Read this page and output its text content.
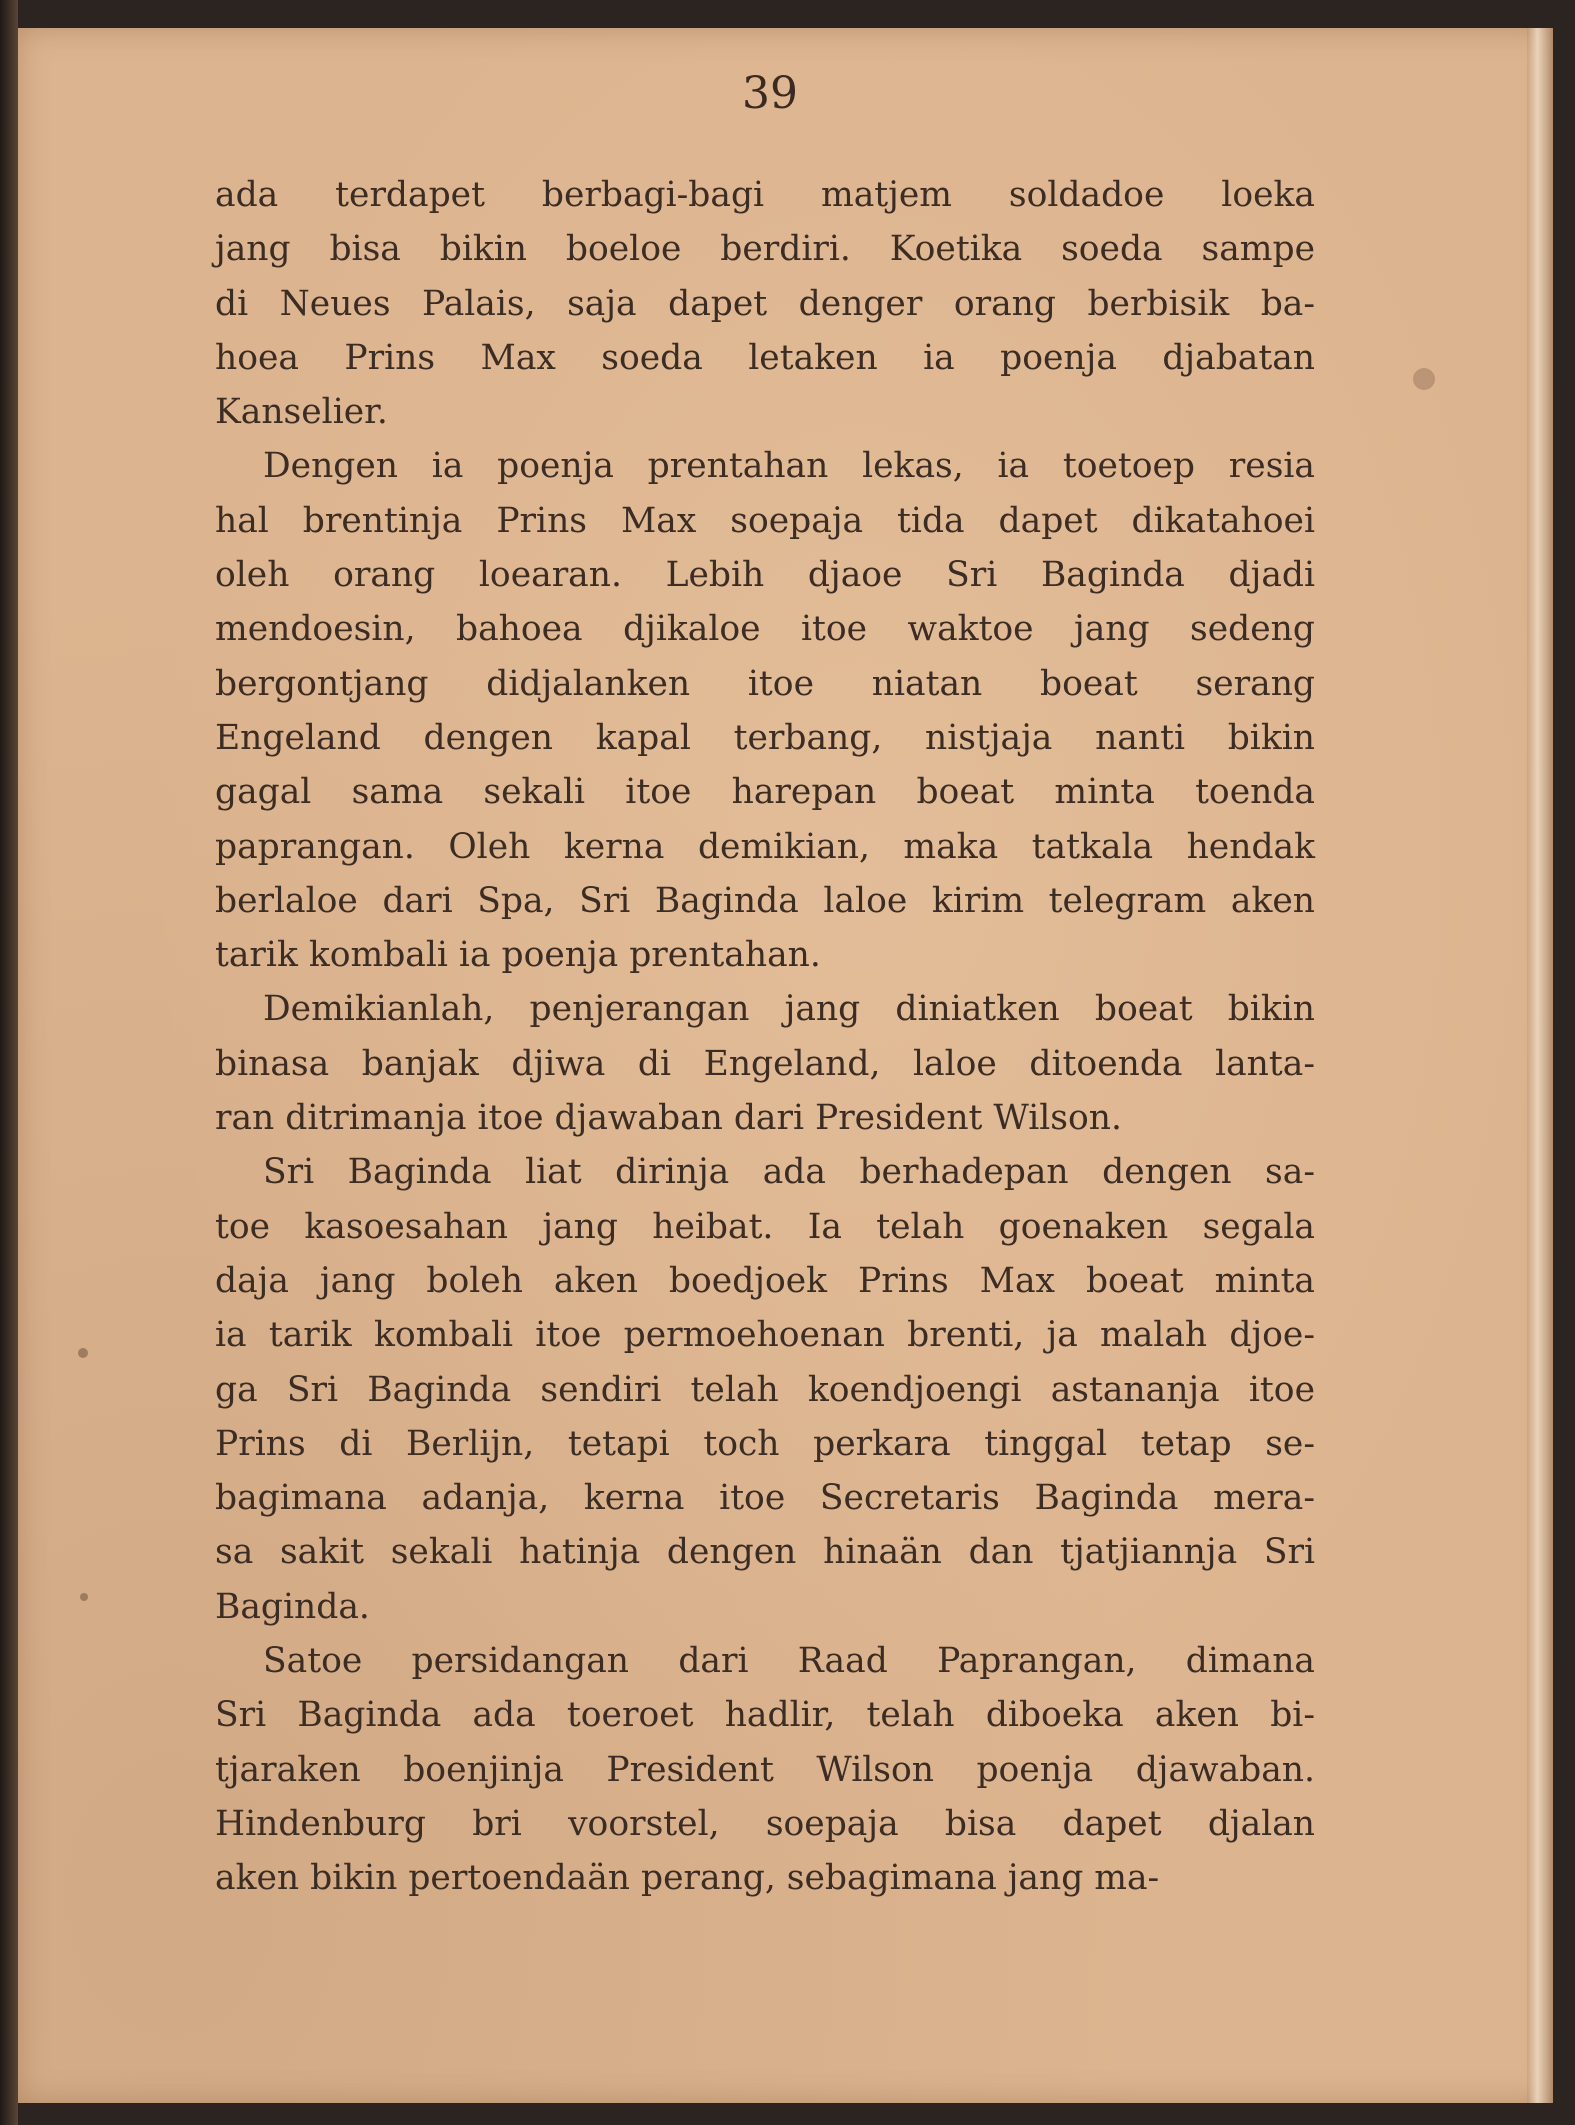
39

ada terdapet berbagi-bagi matjem soldadoe loeka
jang bisa bikin boeloe berdiri. Koetika soeda sampe
di Neues Palais, saja dapet denger orang berbisik ba-
hoea Prins Max soeda letaken ia poenja djabatan
Kanselier.

Dengen ia poenja prentahan lekas, ia toetoep resia
hal brentinja Prins Max soepaja tida dapet dikatahoei
oleh orang loearan. Lebih djaoe Sri Baginda djadi
mendoesin, bahoea djikaloe itoe waktoe jang sedeng
bergontjang didjalanken itoe niatan boeat serang
Engeland dengen kapal terbang, nistjaja nanti bikin
gagal sama sekali itoe harepan boeat minta toenda
paprangan. Oleh kerna demikian, maka tatkala hendak
berlaloe dari Spa, Sri Baginda laloe kirim telegram aken
tarik kombali ia poenja prentahan.

Demikianlah, penjerangan jang diniatken boeat bikin
binasa banjak djiwa di Engeland, laloe ditoenda lanta-
ran ditrimanja itoe djawaban dari President Wilson.

Sri Baginda liat dirinja ada berhadepan dengen sa-
toe kasoesahan jang heibat. Ia telah goenaken segala
daja jang boleh aken boedjoek Prins Max boeat minta
ia tarik kombali itoe permoehoenan brenti, ja malah djoe-
ga Sri Baginda sendiri telah koendjoengi astananja itoe
Prins di Berlijn, tetapi toch perkara tinggal tetap se-
bagimana adanja, kerna itoe Secretaris Baginda mera-
sa sakit sekali hatinja dengen hinaän dan tjatjiannja Sri
Baginda.

Satoe persidangan dari Raad Paprangan, dimana
Sri Baginda ada toeroet hadlir, telah diboeka aken bi-
tjaraken boenjinja President Wilson poenja djawaban.
Hindenburg bri voorstel, soepaja bisa dapet djalan
aken bikin pertoendaän perang, sebagimana jang ma-
